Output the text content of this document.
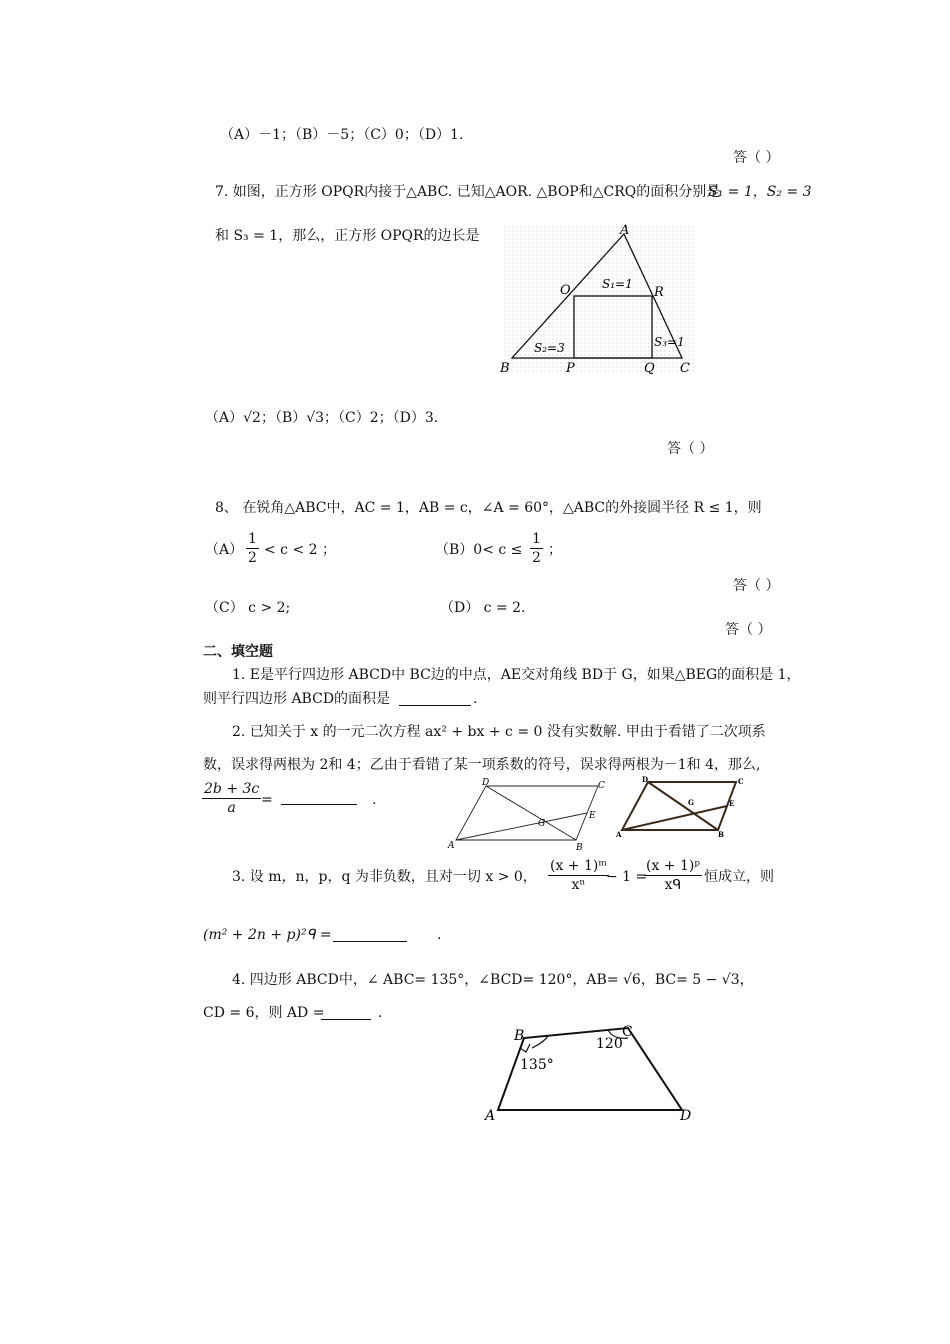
（A）－1；（B）－5；（C）0；（D）1．
答（ ）
7. 如图，正方形 OPQR内接于△ABC. 已知△AOR. △BOP和△CRQ的面积分别是
S₁ = 1，S₂ = 3
和 S₃ = 1，那么，正方形 OPQR的边长是	A
B	C
O	R
P	Q
S₁=1
S₂=3	S₃=1
（A）√2；（B）√3；（C）2；（D）3.
答（ ）
8、 在锐角△ABC中，AC = 1，AB = c，∠A = 60°，△ABC的外接圆半径 R ≤ 1，则
$(A) \frac{1}{2} < c < 2$ ；	$(B)0< c \le \frac{1}{2}$ ；
答（ ）
（C） c > 2;	（D） c = 2.
答（ ）
二、填空题
1. E是平行四边形 ABCD中 BC边的中点，AE交对角线 BD于 G，如果△BEG的面积是 1，
则平行四边形 ABCD的面积是	.
2. 已知关于 x 的一元二次方程 ax² + bx + c = 0 没有实数解. 甲由于看错了二次项系
数，误求得两根为 2和 4；乙由于看错了某一项系数的符号，误求得两根为－1和 4，那么,
$\frac{2b + 3c}{a}$ =	.
D	C
A	B
E
G
D	C
A	B
E
G
3. 设 m，n，p，q 为非负数，且对一切 x > 0， $\frac{\text{(x + 1)ᵐ}}{\text{xⁿ}}$
− 1 =
(x + 1)ᵖ
xᑫ	恒成立，则
(m² + 2n + p)²ᑫ =	.
4. 四边形 ABCD中，∠ ABC= 135°，∠BCD= 120°，AB= √6，BC= 5 − √3，
CD = 6，则 AD =	.
A
B	C
D
135°
120
